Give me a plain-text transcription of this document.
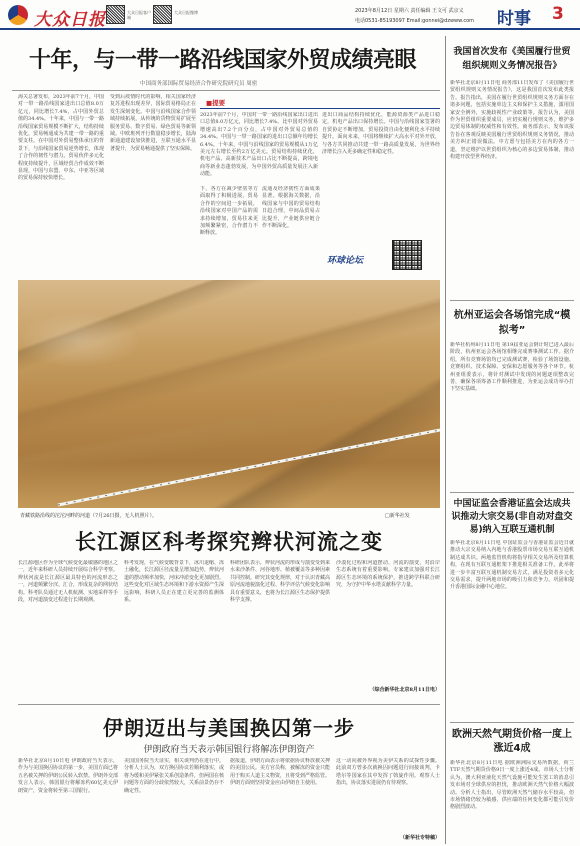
大众日报	大众日报客户端
大众日报微博	2023年8月12日 星期六 责任编辑 王文可 武京义
电话0531-85193097 Email:gonnei@dzwww.com 时事 3
十年，与一带一路沿线国家外贸成绩亮眼
中国商务部国际贸易经济合作研究院研究员 周密
■提要
海关总署发布，2023年前7个月，中国对一带一路沿线国家进出口总值8.0万亿元，同比增长7.4%，占中国外贸总值的34.4%。十年来，中国与一带一路沿线国家贸易规模不断扩大，结构持续优化，贸易畅通成为共建一带一路的重要支柱。在中国对外贸易整体承压的背景下，与沿线国家贸易逆势增长，体现了合作的韧性与潜力。贸易伙伴多元化程度持续提升，区域经贸合作成效不断显现，中国与东盟、中东、中亚等区域的贸易保持较快增长。
受到后疫情时代的影响，相关国家经济复苏进程出现差异，国际贸易格局正在发生深刻变化。中国与沿线国家合作领域持续拓展，从传统的货物贸易扩展至服务贸易、数字贸易、绿色贸易等新领域。中欧班列开行数量稳步增长，陆海新通道建设加快推进，互联互通水平显著提升，为贸易畅通提供了坚实保障。
2023年前7个月，中国对一带一路沿线国家出口进出口总值8.0万亿元，同比增长7.4%。比中国对外贸易增速高出7.2个百分点，占中国对外贸易总值的34.4%。中国与一带一路国家的进出口总额年均增长6.4%。十年来，中国与沿线国家的贸易规模从1万亿美元左右增长至约2万亿美元。贸易结构持续优化，机电产品、高新技术产品出口占比不断提高，跨境电商等新业态蓬勃发展，为中国外贸高质量发展注入新动能。
进出口商品结构持续优化，能源资源类产品进口稳定，机电产品出口保持增长。中国与沿线国家签署的自贸协定不断增加，贸易投资自由化便利化水平持续提升。面向未来，中国将继续扩大高水平对外开放，与各方共同推动共建一带一路高质量发展，为世界经济增长注入更多确定性和稳定性。
下，各方在减少壁垒等方面取得了积极进展，贸易合作的空间进一步拓展，沿线国家对中国产品的需求持续增加，贸易往来更加频繁紧密，合作潜力不断释放。
流通及经济韧性方面成果显著。根据海关数据，沿线国家与中国的贸易结构日趋合理，中间品贸易占比提升，产业链供应链合作不断深化。
环球论坛
青藏铁路沿线的沱沱河畔的河道（7月26日摄，无人机照片）。	□新华社发
长江源区科考探究辫状河流之变
长江源地区作为全球气候变化最敏感的地区之一，近年来科研人员持续开展综合科学考察。辫状河流是长江源区最具特色的河流形态之一，河道频繁分汊、汇合，形成复杂的网状结构。科考队员通过无人机航测、实地采样等手段，对河道演变过程进行长期观测。
科考发现，在气候变暖背景下，冰川退缩、冻土融化，长江源区径流量呈增加趋势，辫状河道的摆动频率加快，河床冲淤变化更加剧烈。这些变化对区域生态环境和下游水资源产生深远影响，科研人员正在建立更完善的监测体系。
科研团队表示，辫状河流的形成与演变受到来水来沙条件、河谷地形、植被覆盖等多种因素共同控制。研究其变化规律，对于认识青藏高原河流地貌演化过程、科学评估气候变化影响具有重要意义，也将为长江源区生态保护提供科学支撑。
沙漠化过程和河道摆动，河流的演变，对沿岸生态系统有着重要影响。专家建议加强对长江源区生态环境的系统保护，推进跨学科联合研究，为守护中华水塔贡献科学力量。
（综合新华社北京8月11日电）
伊朗迈出与美国换囚第一步
伊朗政府当天表示韩国银行将解冻伊朗资产
新华社北京8月10日电 伊朗政府当天表示，作为与美国换囚协议的第一步，美国方面已将五名被关押的伊朗公民转入软禁。伊朗外交部发言人表示，韩国银行将解冻约60亿美元伊朗资产，资金将转至第三国银行。
美国国务院当天证实，相关谈判仍在进行中。分析人士认为，双方换囚协议若顺利落实，或将为缓和美伊紧张关系创造条件，但两国在核问题等方面的分歧依然较大，关系前景仍存不确定性。
据报道，伊朗方面表示将依据协议释放被关押的美国公民。美方官员称，被解冻的资金只能用于购买人道主义物资，且将受到严格监管。伊朗方面则坚持资金应由伊朗自主使用。
这一动向被外界视为美伊关系的试探性步骤。此前双方曾多次就换囚问题进行间接谈判，卡塔尔等国家在其中发挥了斡旋作用。观察人士指出，协议落实进展仍有待观察。
（新华社专特稿）
我国首次发布《美国履行世贸组织规则义务情况报告》
新华社北京8月11日电 商务部11日发布了《美国履行世贸组织规则义务情况报告》，这是我国首次发布此类报告。报告指出，美国在履行世贸组织规则义务方面存在诸多问题，包括实施单边主义和保护主义措施，滥用国家安全例外，实施歧视性产业政策等。报告认为，美国作为世贸组织重要成员，应切实履行规则义务，维护多边贸易体制的权威性和有效性。商务部表示，发布该报告旨在客观反映美国履行世贸组织规则义务情况，推动美方纠正错误做法。中方愿与包括美方在内的各方一道，坚定维护以世贸组织为核心的多边贸易体制，推动构建开放型世界经济。
杭州亚运会各场馆完成“模拟考”
新华社杭州8月11日电 第19届亚运会倒计时已进入最后阶段，杭州亚运会各场馆相继完成赛事测试工作。据介绍，所有竞赛场馆均已完成测试赛，检验了场馆设施、竞赛组织、技术保障、安保和志愿服务等各个环节。杭州亚组委表示，将针对测试中发现的问题逐项整改完善，确保各项筹备工作顺利推进，为亚运会成功举办打下坚实基础。
中国证监会香港证监会达成共识推动大宗交易(非自动对盘交易)纳入互联互通机制
新华社北京8月11日电 中国证监会与香港证监会近日就推动大宗交易纳入内地与香港股票市场交易互联互通机制达成共识。两地监管机构将指导相关交易所及结算机构，在现有互联互通框架下推进相关准备工作。此举将进一步丰富互联互通机制交易方式，满足投资者多元化交易需求，提升两地市场的吸引力和竞争力，巩固和提升香港国际金融中心地位。
欧洲天然气期货价格一度上涨近4成
新华社北京8月11日电 据欧洲洲际交易所数据，荷兰TTF天然气期货价格9日一度上涨近4成。市场人士分析认为，澳大利亚液化天然气设施可能发生罢工的消息引发市场对全球供应的担忧，推动欧洲天然气价格大幅波动。分析人士指出，尽管欧洲天然气储存水平较高，但市场情绪仍较为敏感，供应端的任何变化都可能引发价格剧烈波动。
